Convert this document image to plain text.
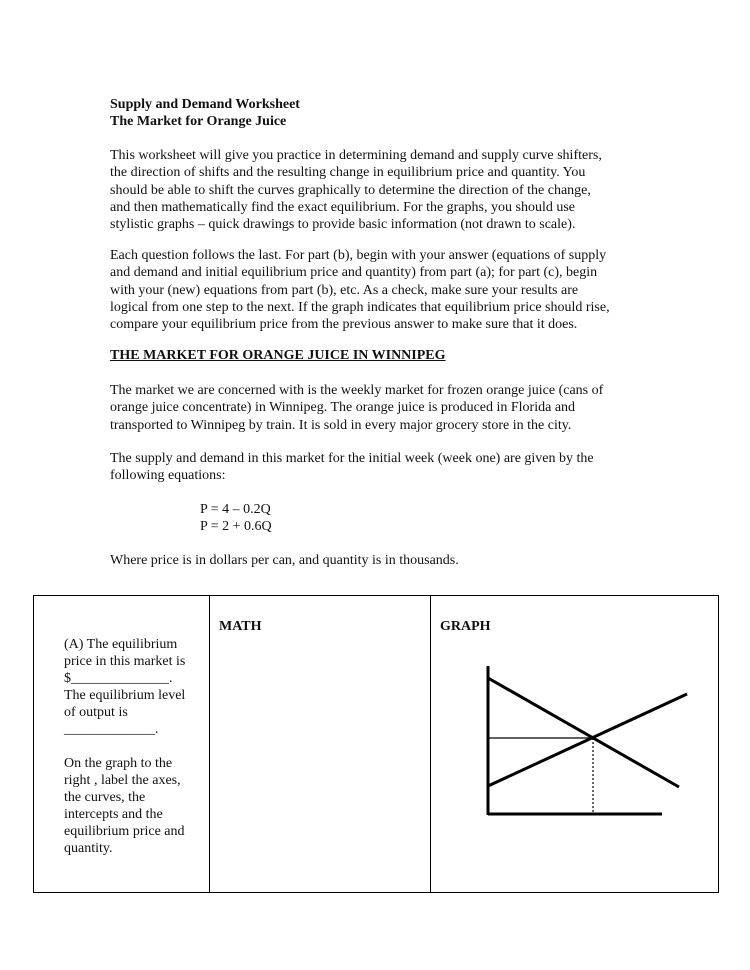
Supply and Demand Worksheet
The Market for Orange Juice
This worksheet will give you practice in determining demand and supply curve shifters,
the direction of shifts and the resulting change in equilibrium price and quantity. You
should be able to shift the curves graphically to determine the direction of the change,
and then mathematically find the exact equilibrium. For the graphs, you should use
stylistic graphs – quick drawings to provide basic information (not drawn to scale).
Each question follows the last. For part (b), begin with your answer (equations of supply
and demand and initial equilibrium price and quantity) from part (a); for part (c), begin
with your (new) equations from part (b), etc. As a check, make sure your results are
logical from one step to the next. If the graph indicates that equilibrium price should rise,
compare your equilibrium price from the previous answer to make sure that it does.
THE MARKET FOR ORANGE JUICE IN WINNIPEG
The market we are concerned with is the weekly market for frozen orange juice (cans of
orange juice concentrate) in Winnipeg. The orange juice is produced in Florida and
transported to Winnipeg by train. It is sold in every major grocery store in the city.
The supply and demand in this market for the initial week (week one) are given by the
following equations:
P = 4 – 0.2Q
P = 2 + 0.6Q
Where price is in dollars per can, and quantity is in thousands.
(A) The equilibrium
price in this market is
$______________.
The equilibrium level
of output is
_____________.
On the graph to the
right , label the axes,
the curves, the
intercepts and the
equilibrium price and
quantity.

MATH	GRAPH
